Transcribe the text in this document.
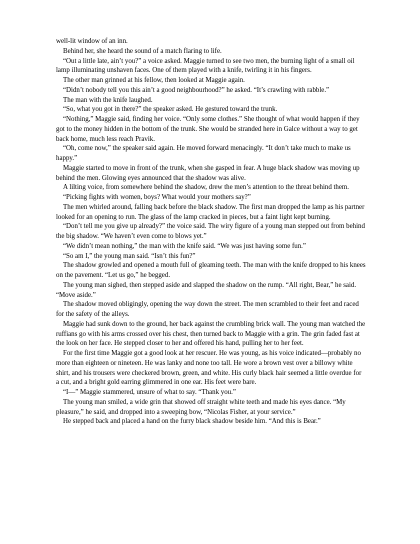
well-lit window of an inn.

Behind her, she heard the sound of a match flaring to life.

“Out a little late, ain’t you?” a voice asked. Maggie turned to see two men, the burning light of a small oil lamp illuminating unshaven faces. One of them played with a knife, twirling it in his fingers.

The other man grinned at his fellow, then looked at Maggie again.

“Didn’t nobody tell you this ain’t a good neighbourhood?” he asked. “It’s crawling with rabble.”

The man with the knife laughed.

“So, what you got in there?” the speaker asked. He gestured toward the trunk.

“Nothing,” Maggie said, finding her voice. “Only some clothes.” She thought of what would happen if they got to the money hidden in the bottom of the trunk. She would be stranded here in Galce without a way to get back home, much less reach Pravik.

“Oh, come now,” the speaker said again. He moved forward menacingly. “It don’t take much to make us happy.”

Maggie started to move in front of the trunk, when she gasped in fear. A huge black shadow was moving up behind the men. Glowing eyes announced that the shadow was alive.

A lilting voice, from somewhere behind the shadow, drew the men’s attention to the threat behind them.

“Picking fights with women, boys? What would your mothers say?”

The men whirled around, falling back before the black shadow. The first man dropped the lamp as his partner looked for an opening to run. The glass of the lamp cracked in pieces, but a faint light kept burning.

“Don’t tell me you give up already?” the voice said. The wiry figure of a young man stepped out from behind the big shadow. “We haven’t even come to blows yet.”

“We didn’t mean nothing,” the man with the knife said. “We was just having some fun.”

“So am I,” the young man said. “Isn’t this fun?”

The shadow growled and opened a mouth full of gleaming teeth. The man with the knife dropped to his knees on the pavement. “Let us go,” he begged.

The young man sighed, then stepped aside and slapped the shadow on the rump. “All right, Bear,” he said. “Move aside.”

The shadow moved obligingly, opening the way down the street. The men scrambled to their feet and raced for the safety of the alleys.

Maggie had sunk down to the ground, her back against the crumbling brick wall. The young man watched the ruffians go with his arms crossed over his chest, then turned back to Maggie with a grin. The grin faded fast at the look on her face. He stepped closer to her and offered his hand, pulling her to her feet.

For the first time Maggie got a good look at her rescuer. He was young, as his voice indicated—probably no more than eighteen or nineteen. He was lanky and none too tall. He wore a brown vest over a billowy white shirt, and his trousers were checkered brown, green, and white. His curly black hair seemed a little overdue for a cut, and a bright gold earring glimmered in one ear. His feet were bare.

“I—” Maggie stammered, unsure of what to say. “Thank you.”

The young man smiled, a wide grin that showed off straight white teeth and made his eyes dance. “My pleasure,” he said, and dropped into a sweeping bow, “Nicolas Fisher, at your service.”

He stepped back and placed a hand on the furry black shadow beside him. “And this is Bear.”
